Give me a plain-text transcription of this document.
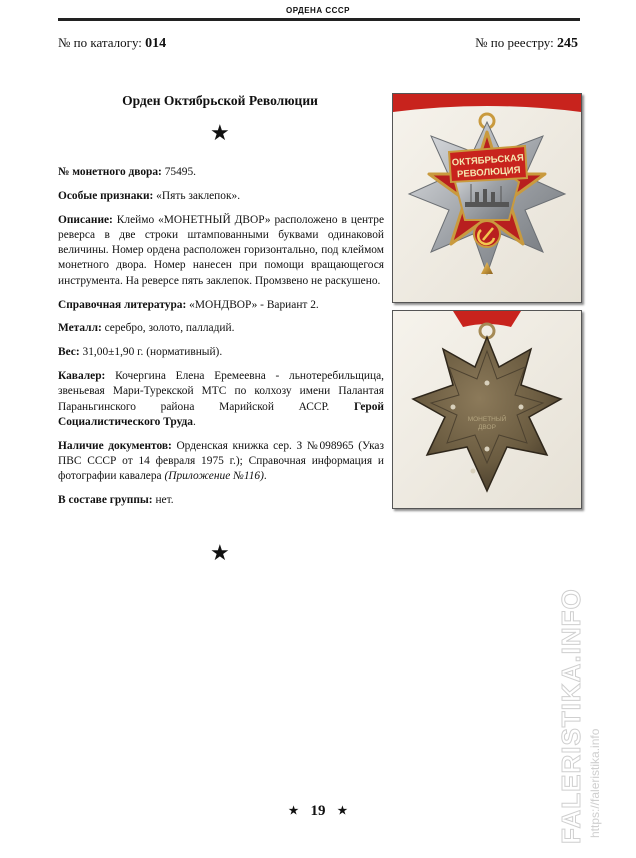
ОРДЕНА СССР
№ по каталогу: 014	№ по реестру: 245
Орден Октябрьской Революции
★

№ монетного двора: 75495.

Особые признаки: «Пять заклепок».

Описание: Клеймо «МОНЕТНЫЙ ДВОР» расположено в центре реверса в две строки штампованными буквами одинаковой величины. Номер ордена расположен горизонтально, под клеймом монетного двора. Номер нанесен при помощи вращающегося инструмента. На реверсе пять заклепок. Промзвено не раскушено.

Справочная литература: «МОНДВОР» - Вариант 2.

Металл: серебро, золото, палладий.

Вес: 31,00±1,90 г. (нормативный).

Кавалер: Кочергина Елена Еремеевна - льнотеребильщица, звеньевая Мари-Турекской МТС по колхозу имени Палантая Параньгинского района Марийской АССР. Герой Социалистического Труда.

Наличие документов: Орденская книжка сер. З №098965 (Указ ПВС СССР от 14 февраля 1975 г.); Справочная информация и фотографии кавалера (Приложение №116).

В составе группы: нет.

★
ОКТЯБРЬСКАЯ
РЕВОЛЮЦИЯ
МОНЕТНЫЙ
ДВОР
FALERISTIKA.INFO https://faleristika.info
★ 19 ★
